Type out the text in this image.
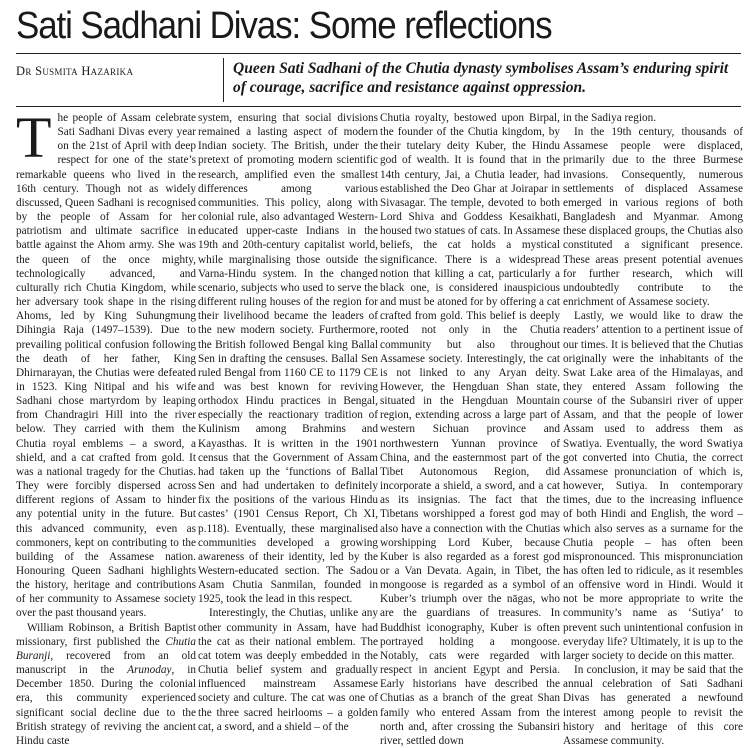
Sati Sadhani Divas: Some reflections
Dr Susmita Hazarika	Queen Sati Sadhani of the Chutia dynasty symbolises Assam’s enduring spirit of courage, sacrifice and resistance against oppression.

The people of Assam celebrate Sati Sadhani Divas every year on the 21st of April with deep respect for one of the state’s remarkable queens who lived in the 16th century. Though not as widely discussed, Queen Sadhani is recognised by the people of Assam for her patriotism and ultimate sacrifice in battle against the Ahom army. She was the queen of the once mighty, technologically advanced, and culturally rich Chutia Kingdom, while her adversary took shape in the rising Ahoms, led by King Suhungmung Dihingia Raja (1497–1539). Due to prevailing political confusion following the death of her father, King Dhirnarayan, the Chutias were defeated in 1523. King Nitipal and his wife Sadhani chose martyrdom by leaping from Chandragiri Hill into the river below. They carried with them the Chutia royal emblems – a sword, a shield, and a cat crafted from gold. It was a national tragedy for the Chutias. They were forcibly dispersed across different regions of Assam to hinder any potential unity in the future. But this advanced community, even as commoners, kept on contributing to the building of the Assamese nation. Honouring Queen Sadhani highlights the history, heritage and contributions of her community to Assamese society over the past thousand years.

William Robinson, a British Baptist missionary, first published the Chutia Buranji, recovered from an old manuscript in the Arunoday, in December 1850. During the colonial era, this community experienced significant social decline due to the British strategy of reviving the ancient Hindu caste

system, ensuring that social divisions remained a lasting aspect of modern Indian society. The British, under the pretext of promoting modern scientific research, amplified even the smallest differences among various communities. This policy, along with colonial rule, also advantaged Western-educated upper-caste Indians in the 19th and 20th-century capitalist world, while marginalising those outside the Varna-Hindu system. In the changed scenario, subjects who used to serve the different ruling houses of the region for their livelihood became the leaders of the new modern society. Furthermore, the British followed Bengal king Ballal Sen in drafting the censuses. Ballal Sen ruled Bengal from 1160 CE to 1179 CE and was best known for reviving orthodox Hindu practices in Bengal, especially the reactionary tradition of Kulinism among Brahmins and Kayasthas. It is written in the 1901 census that the Government of Assam had taken up the ‘functions of Ballal Sen and had undertaken to definitely fix the positions of the various Hindu castes’ (1901 Census Report, Ch XI, p.118). Eventually, these marginalised communities developed a growing awareness of their identity, led by the Western-educated section. The Sadou Asam Chutia Sanmilan, founded in 1925, took the lead in this respect.

Interestingly, the Chutias, unlike any other community in Assam, have had the cat as their national emblem. The cat totem was deeply embedded in the Chutia belief system and gradually influenced mainstream Assamese society and culture. The cat was one of the three sacred heirlooms – a golden cat, a sword, and a shield – of the

Chutia royalty, bestowed upon Birpal, the founder of the Chutia kingdom, by their tutelary deity Kuber, the Hindu god of wealth. It is found that in the 14th century, Jai, a Chutia leader, had established the Deo Ghar at Joirapar in Sivasagar. The temple, devoted to both Lord Shiva and Goddess Kesaikhati, housed two statues of cats. In Assamese beliefs, the cat holds a mystical significance. There is a widespread notion that killing a cat, particularly a black one, is considered inauspicious and must be atoned for by offering a cat crafted from gold. This belief is deeply rooted not only in the Chutia community but also throughout Assamese society. Interestingly, the cat is not linked to any Aryan deity. However, the Hengduan Shan state, situated in the Hengduan Mountain region, extending across a large part of western Sichuan province and northwestern Yunnan province of China, and the easternmost part of the Tibet Autonomous Region, did incorporate a shield, a sword, and a cat as its insignias. The fact that the Tibetans worshipped a forest god may also have a connection with the Chutias worshipping Lord Kuber, because Kuber is also regarded as a forest god or a Van Devata. Again, in Tibet, the mongoose is regarded as a symbol of Kuber’s triumph over the nāgas, who are the guardians of treasures. In Buddhist iconography, Kuber is often portrayed holding a mongoose. Notably, cats were regarded with respect in ancient Egypt and Persia. Early historians have described the Chutias as a branch of the great Shan family who entered Assam from the north and, after crossing the Subansiri river, settled down

in the Sadiya region.

In the 19th century, thousands of Assamese people were displaced, primarily due to the three Burmese invasions. Consequently, numerous settlements of displaced Assamese emerged in various regions of both Bangladesh and Myanmar. Among these displaced groups, the Chutias also constituted a significant presence. These areas present potential avenues for further research, which will undoubtedly contribute to the enrichment of Assamese society.

Lastly, we would like to draw the readers’ attention to a pertinent issue of our times. It is believed that the Chutias originally were the inhabitants of the Swat Lake area of the Himalayas, and they entered Assam following the course of the Subansiri river of upper Assam, and that the people of lower Assam used to address them as Swatiya. Eventually, the word Swatiya got converted into Chutia, the correct Assamese pronunciation of which is, however, Sutiya. In contemporary times, due to the increasing influence of both Hindi and English, the word – which also serves as a surname for the Chutia people – has often been mispronounced. This mispronunciation has often led to ridicule, as it resembles an offensive word in Hindi. Would it not be more appropriate to write the community’s name as ‘Sutiya’ to prevent such unintentional confusion in everyday life? Ultimately, it is up to the larger society to decide on this matter.

In conclusion, it may be said that the annual celebration of Sati Sadhani Divas has generated a newfound interest among people to revisit the history and heritage of this core Assamese community.
